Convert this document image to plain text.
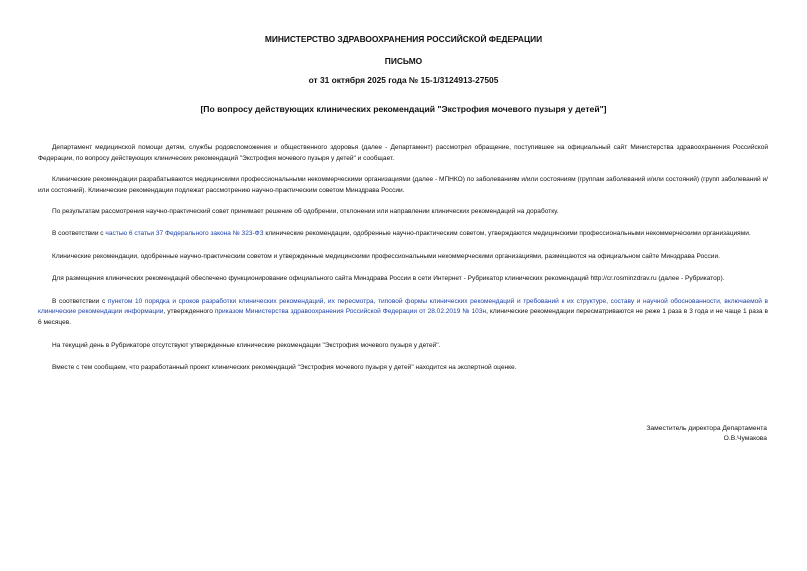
МИНИСТЕРСТВО ЗДРАВООХРАНЕНИЯ РОССИЙСКОЙ ФЕДЕРАЦИИ
ПИСЬМО
от 31 октября 2025 года № 15-1/3124913-27505
[По вопросу действующих клинических рекомендаций "Экстрофия мочевого пузыря у детей"]

Департамент медицинской помощи детям, службы родовспоможения и общественного здоровья (далее - Департамент) рассмотрел обращение, поступившее на официальный сайт Министерства здравоохранения Российской Федерации, по вопросу действующих клинических рекомендаций "Экстрофия мочевого пузыря у детей" и сообщает.

Клинические рекомендации разрабатываются медицинскими профессиональными некоммерческими организациями (далее - МПНКО) по заболеваниям и/или состояниям (группам заболеваний и/или состояний) (групп заболеваний и/или состояний). Клинические рекомендации подлежат рассмотрению научно-практическим советом Минздрава России.

По результатам рассмотрения научно-практический совет принимает решение об одобрении, отклонении или направлении клинических рекомендаций на доработку.

В соответствии с частью 6 статьи 37 Федерального закона № 323-ФЗ клинические рекомендации, одобренные научно-практическим советом, утверждаются медицинскими профессиональными некоммерческими организациями.

Клинические рекомендации, одобренные научно-практическим советом и утвержденные медицинскими профессиональными некоммерческими организациями, размещаются на официальном сайте Минздрава России.

Для размещения клинических рекомендаций обеспечено функционирование официального сайта Минздрава России в сети Интернет - Рубрикатор клинических рекомендаций http://cr.rosminzdrav.ru (далее - Рубрикатор).

В соответствии с пунктом 10 порядка и сроков разработки клинических рекомендаций, их пересмотра, типовой формы клинических рекомендаций и требований к их структуре, составу и научной обоснованности, включаемой в клинические рекомендации информации, утвержденного приказом Министерства здравоохранения Российской Федерации от 28.02.2019 № 103н, клинические рекомендации пересматриваются не реже 1 раза в 3 года и не чаще 1 раза в 6 месяцев.

На текущий день в Рубрикаторе отсутствуют утвержденные клинические рекомендации "Экстрофия мочевого пузыря у детей".

Вместе с тем сообщаем, что разработанный проект клинических рекомендаций "Экстрофия мочевого пузыря у детей" находится на экспертной оценке.

Заместитель директора Департамента
О.В.Чумакова
